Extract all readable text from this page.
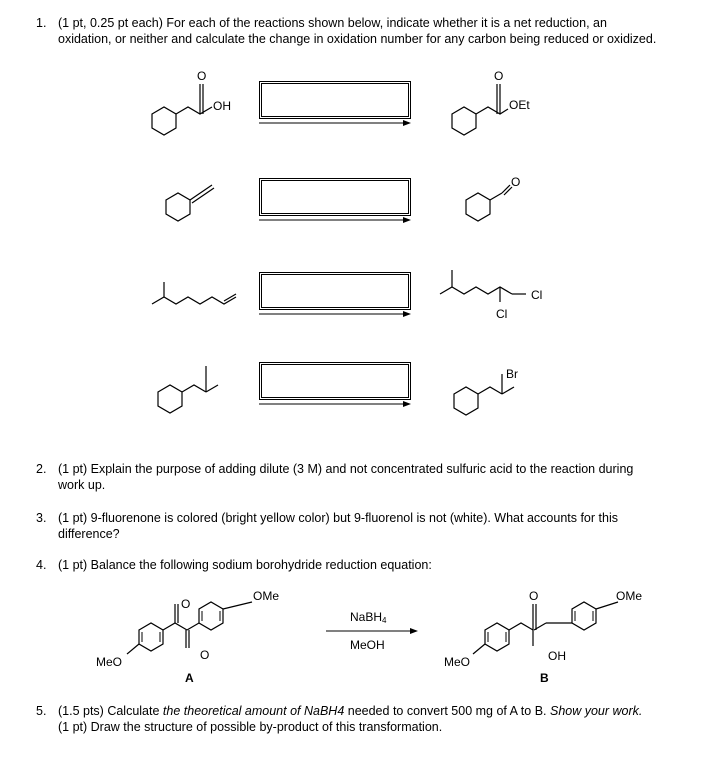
1. (1 pt, 0.25 pt each) For each of the reactions shown below, indicate whether it is a net reduction, an
oxidation, or neither and calculate the change in oxidation number for any carbon being reduced or oxidized.
O
OH
O
OEt
O
Cl
Cl
Br
2. (1 pt) Explain the purpose of adding dilute (3 M) and not concentrated sulfuric acid to the reaction during
work up.
3. (1 pt) 9-fluorenone is colored (bright yellow color) but 9-fluorenol is not (white). What accounts for this
difference?
4. (1 pt) Balance the following sodium borohydride reduction equation:
O
O
OMe
MeO
A
NaBH$_4$
MeOH
O
OH
OMe
MeO
B
5. (1.5 pts) Calculate the theoretical amount of NaBH4 needed to convert 500 mg of A to B. Show your work.
(1 pt) Draw the structure of possible by-product of this transformation.
